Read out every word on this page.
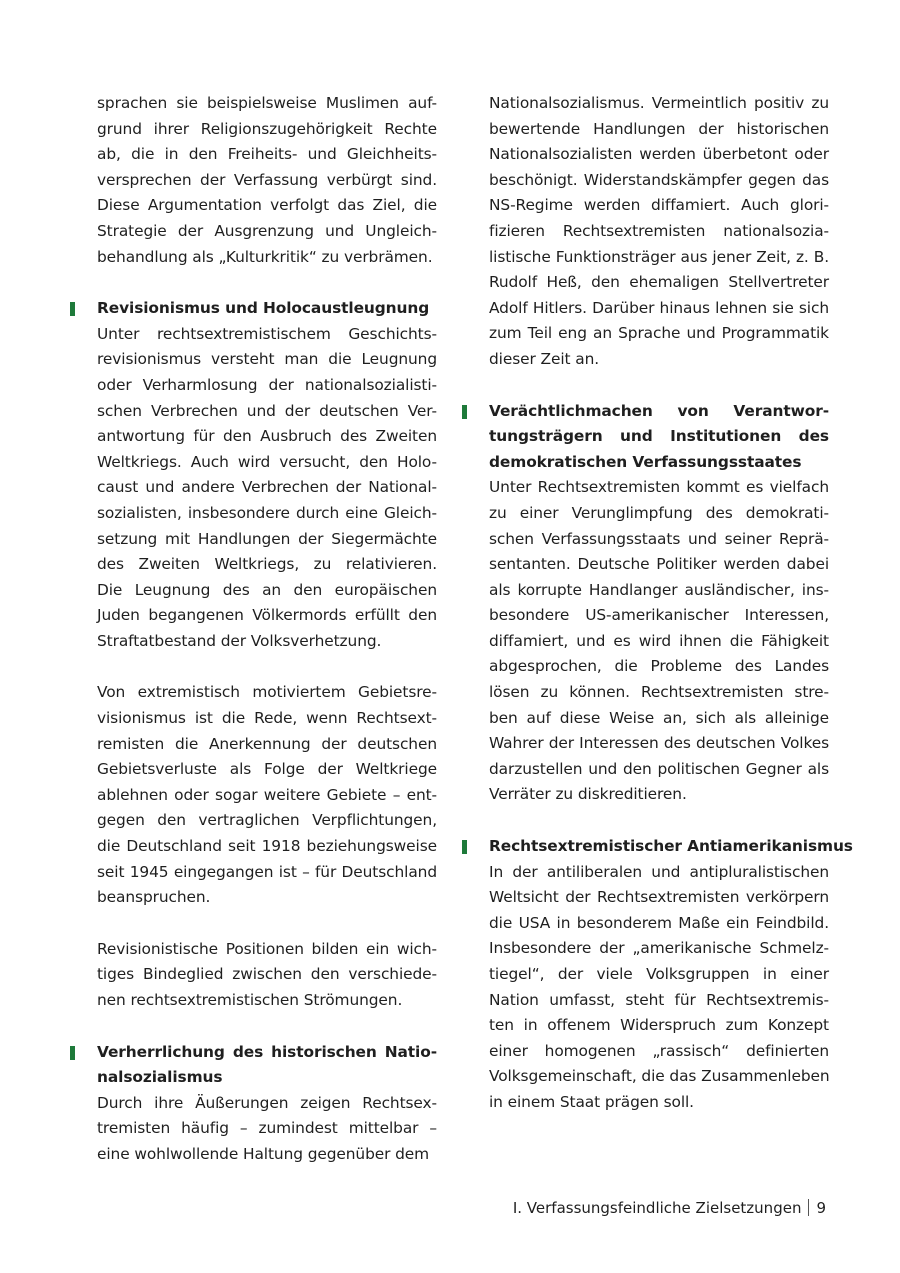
sprachen sie beispielsweise Muslimen auf-
grund ihrer Religionszugehörigkeit Rechte
ab, die in den Freiheits- und Gleichheits-
versprechen der Verfassung verbürgt sind.
Diese Argumentation verfolgt das Ziel, die
Strategie der Ausgrenzung und Ungleich-
behandlung als „Kulturkritik“ zu verbrämen.
Revisionismus und Holocaustleugnung
Unter rechtsextremistischem Geschichts-
revisionismus versteht man die Leugnung
oder Verharmlosung der nationalsozialisti-
schen Verbrechen und der deutschen Ver-
antwortung für den Ausbruch des Zweiten
Weltkriegs. Auch wird versucht, den Holo-
caust und andere Verbrechen der National-
sozialisten, insbesondere durch eine Gleich-
setzung mit Handlungen der Siegermächte
des Zweiten Weltkriegs, zu relativieren.
Die Leugnung des an den europäischen
Juden begangenen Völkermords erfüllt den
Straftatbestand der Volksverhetzung.
Von extremistisch motiviertem Gebietsre-
visionismus ist die Rede, wenn Rechtsext-
remisten die Anerkennung der deutschen
Gebietsverluste als Folge der Weltkriege
ablehnen oder sogar weitere Gebiete – ent-
gegen den vertraglichen Verpflichtungen,
die Deutschland seit 1918 beziehungsweise
seit 1945 eingegangen ist – für Deutschland
beanspruchen.
Revisionistische Positionen bilden ein wich-
tiges Bindeglied zwischen den verschiede-
nen rechtsextremistischen Strömungen.
Verherrlichung des historischen Natio-
nalsozialismus
Durch ihre Äußerungen zeigen Rechtsex-
tremisten häufig – zumindest mittelbar –
eine wohlwollende Haltung gegenüber dem
Nationalsozialismus. Vermeintlich positiv zu
bewertende Handlungen der historischen
Nationalsozialisten werden überbetont oder
beschönigt. Widerstandskämpfer gegen das
NS-Regime werden diffamiert. Auch glori-
fizieren Rechtsextremisten nationalsozia-
listische Funktionsträger aus jener Zeit, z. B.
Rudolf Heß, den ehemaligen Stellvertreter
Adolf Hitlers. Darüber hinaus lehnen sie sich
zum Teil eng an Sprache und Programmatik
dieser Zeit an.
Verächtlichmachen von Verantwor-
tungsträgern und Institutionen des
demokratischen Verfassungsstaates
Unter Rechtsextremisten kommt es vielfach
zu einer Verunglimpfung des demokrati-
schen Verfassungsstaats und seiner Reprä-
sentanten. Deutsche Politiker werden dabei
als korrupte Handlanger ausländischer, ins-
besondere US-amerikanischer Interessen,
diffamiert, und es wird ihnen die Fähigkeit
abgesprochen, die Probleme des Landes
lösen zu können. Rechtsextremisten stre-
ben auf diese Weise an, sich als alleinige
Wahrer der Interessen des deutschen Volkes
darzustellen und den politischen Gegner als
Verräter zu diskreditieren.
Rechtsextremistischer Antiamerikanismus
In der antiliberalen und antipluralistischen
Weltsicht der Rechtsextremisten verkörpern
die USA in besonderem Maße ein Feindbild.
Insbesondere der „amerikanische Schmelz-
tiegel“, der viele Volksgruppen in einer
Nation umfasst, steht für Rechtsextremis-
ten in offenem Widerspruch zum Konzept
einer homogenen „rassisch“ definierten
Volksgemeinschaft, die das Zusammenleben
in einem Staat prägen soll.
I. Verfassungsfeindliche Zielsetzungen 9
